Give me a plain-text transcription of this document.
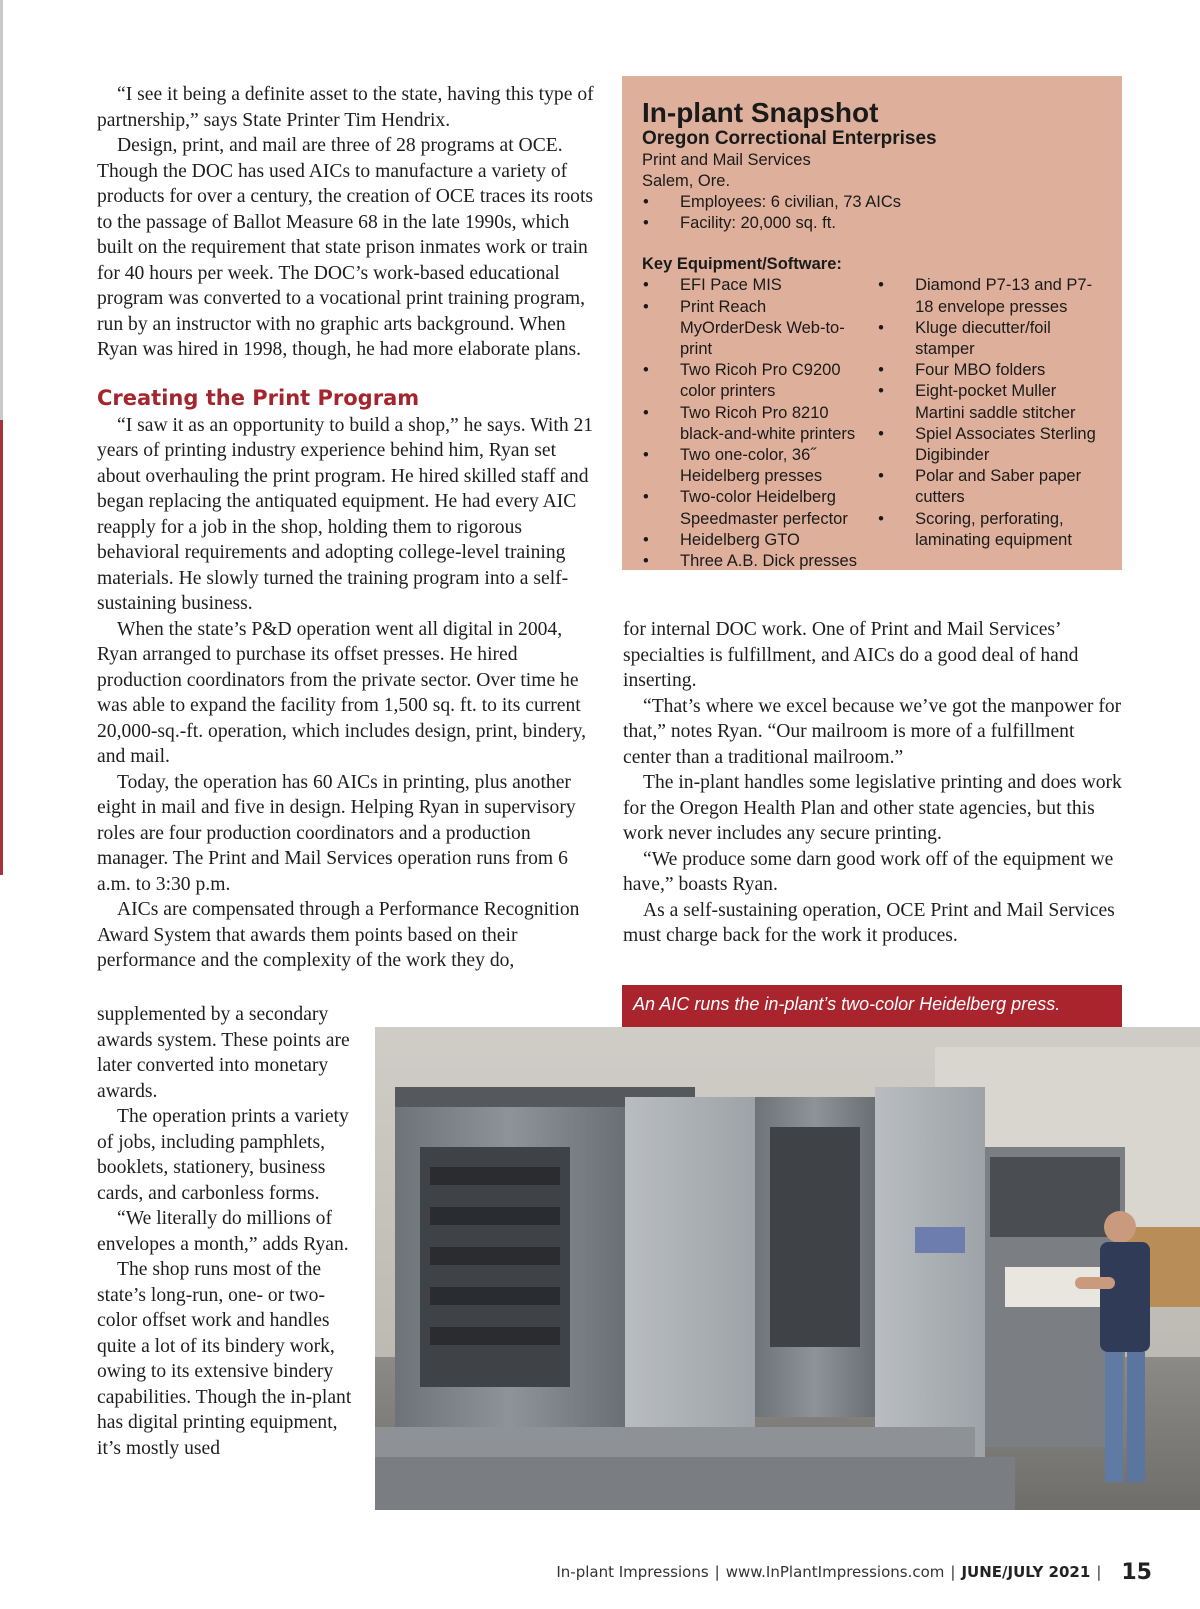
“I see it being a definite asset to the state, having this type of partnership,” says State Printer Tim Hendrix.

Design, print, and mail are three of 28 programs at OCE. Though the DOC has used AICs to manufacture a variety of products for over a century, the creation of OCE traces its roots to the passage of Ballot Measure 68 in the late 1990s, which built on the requirement that state prison inmates work or train for 40 hours per week. The DOC’s work-based educational program was converted to a vocational print training program, run by an instructor with no graphic arts background. When Ryan was hired in 1998, though, he had more elaborate plans.

Creating the Print Program

“I saw it as an opportunity to build a shop,” he says. With 21 years of printing industry experience behind him, Ryan set about overhauling the print program. He hired skilled staff and began replacing the antiquated equipment. He had every AIC reapply for a job in the shop, holding them to rigorous behavioral requirements and adopting college-level training materials. He slowly turned the training program into a self-sustaining business.

When the state’s P&D operation went all digital in 2004, Ryan arranged to purchase its offset presses. He hired production coordinators from the private sector. Over time he was able to expand the facility from 1,500 sq. ft. to its current 20,000-sq.-ft. operation, which includes design, print, bindery, and mail.

Today, the operation has 60 AICs in printing, plus another eight in mail and five in design. Helping Ryan in supervisory roles are four production coordinators and a production manager. The Print and Mail Services operation runs from 6 a.m. to 3:30 p.m.

AICs are compensated through a Performance Recognition Award System that awards them points based on their performance and the complexity of the work they do,

supplemented by a secondary awards system. These points are later converted into monetary awards.

The operation prints a variety of jobs, including pamphlets, booklets, stationery, business cards, and carbonless forms.

“We literally do millions of envelopes a month,” adds Ryan.

The shop runs most of the state’s long-run, one- or two-color offset work and handles quite a lot of its bindery work, owing to its extensive bindery capabilities. Though the in-plant has digital printing equipment, it’s mostly used

In-plant Snapshot
Oregon Correctional Enterprises
Print and Mail Services
Salem, Ore.
• Employees: 6 civilian, 73 AICs
• Facility: 20,000 sq. ft.
Key Equipment/Software:
• EFI Pace MIS
• Print Reach MyOrderDesk Web-to-print
• Two Ricoh Pro C9200 color printers
• Two Ricoh Pro 8210 black-and-white printers
• Two one-color, 36˝ Heidelberg presses
• Two-color Heidelberg Speedmaster perfector
• Heidelberg GTO
• Three A.B. Dick presses
• Diamond P7-13 and P7-18 envelope presses
• Kluge diecutter/foil stamper
• Four MBO folders
• Eight-pocket Muller Martini saddle stitcher
• Spiel Associates Sterling Digibinder
• Polar and Saber paper cutters
• Scoring, perforating, laminating equipment

for internal DOC work. One of Print and Mail Services’ specialties is fulfillment, and AICs do a good deal of hand inserting.

“That’s where we excel because we’ve got the manpower for that,” notes Ryan. “Our mailroom is more of a fulfillment center than a traditional mailroom.”

The in-plant handles some legislative printing and does work for the Oregon Health Plan and other state agencies, but this work never includes any secure printing.

“We produce some darn good work off of the equipment we have,” boasts Ryan.

As a self-sustaining operation, OCE Print and Mail Services must charge back for the work it produces.

An AIC runs the in-plant’s two-color Heidelberg press.
In-plant Impressions | www.InPlantImpressions.com | JUNE/JULY 2021 | 15
